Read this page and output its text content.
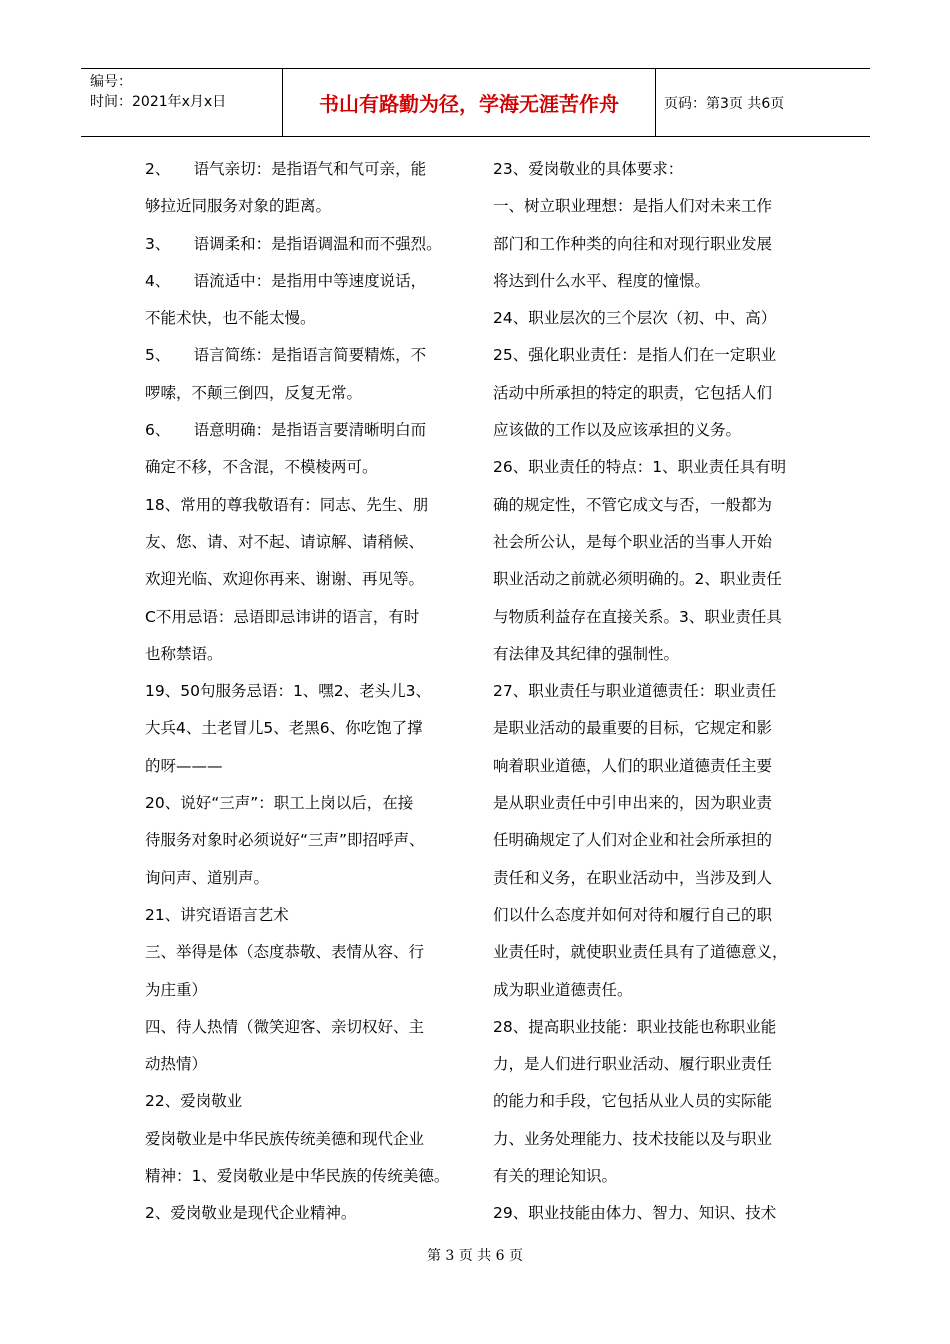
编号：
时间：2021年x月x日	书山有路勤为径，学海无涯苦作舟	页码：第3页 共6页

2、　　语气亲切：是指语气和气可亲，能

够拉近同服务对象的距离。

3、　　语调柔和：是指语调温和而不强烈。

4、　　语流适中：是指用中等速度说话，

不能术快，也不能太慢。

5、　　语言简练：是指语言简要精炼，不

啰嗦，不颠三倒四，反复无常。

6、　　语意明确：是指语言要清晰明白而

确定不移，不含混，不模棱两可。

18、常用的尊我敬语有：同志、先生、朋

友、您、请、对不起、请谅解、请稍候、

欢迎光临、欢迎你再来、谢谢、再见等。

C不用忌语：忌语即忌讳讲的语言，有时

也称禁语。

19、50句服务忌语：1、嘿2、老头儿3、

大兵4、土老冒儿5、老黑6、你吃饱了撑

的呀———

20、说好“三声”：职工上岗以后，在接

待服务对象时必须说好“三声”即招呼声、

询问声、道别声。

21、讲究语语言艺术

三、举得是体（态度恭敬、表情从容、行

为庄重）

四、待人热情（微笑迎客、亲切权好、主

动热情）

22、爱岗敬业

爱岗敬业是中华民族传统美德和现代企业

精神：1、爱岗敬业是中华民族的传统美德。

2、爱岗敬业是现代企业精神。

23、爱岗敬业的具体要求：

一、树立职业理想：是指人们对未来工作

部门和工作种类的向往和对现行职业发展

将达到什么水平、程度的憧憬。

24、职业层次的三个层次（初、中、高）

25、强化职业责任：是指人们在一定职业

活动中所承担的特定的职责，它包括人们

应该做的工作以及应该承担的义务。

26、职业责任的特点：1、职业责任具有明

确的规定性，不管它成文与否，一般都为

社会所公认，是每个职业活的当事人开始

职业活动之前就必须明确的。2、职业责任

与物质利益存在直接关系。3、职业责任具

有法律及其纪律的强制性。

27、职业责任与职业道德责任：职业责任

是职业活动的最重要的目标，它规定和影

响着职业道德，人们的职业道德责任主要

是从职业责任中引申出来的，因为职业责

任明确规定了人们对企业和社会所承担的

责任和义务，在职业活动中，当涉及到人

们以什么态度并如何对待和履行自己的职

业责任时，就使职业责任具有了道德意义，

成为职业道德责任。

28、提高职业技能：职业技能也称职业能

力，是人们进行职业活动、履行职业责任

的能力和手段，它包括从业人员的实际能

力、业务处理能力、技术技能以及与职业

有关的理论知识。

29、职业技能由体力、智力、知识、技术

第 3 页 共 6 页
